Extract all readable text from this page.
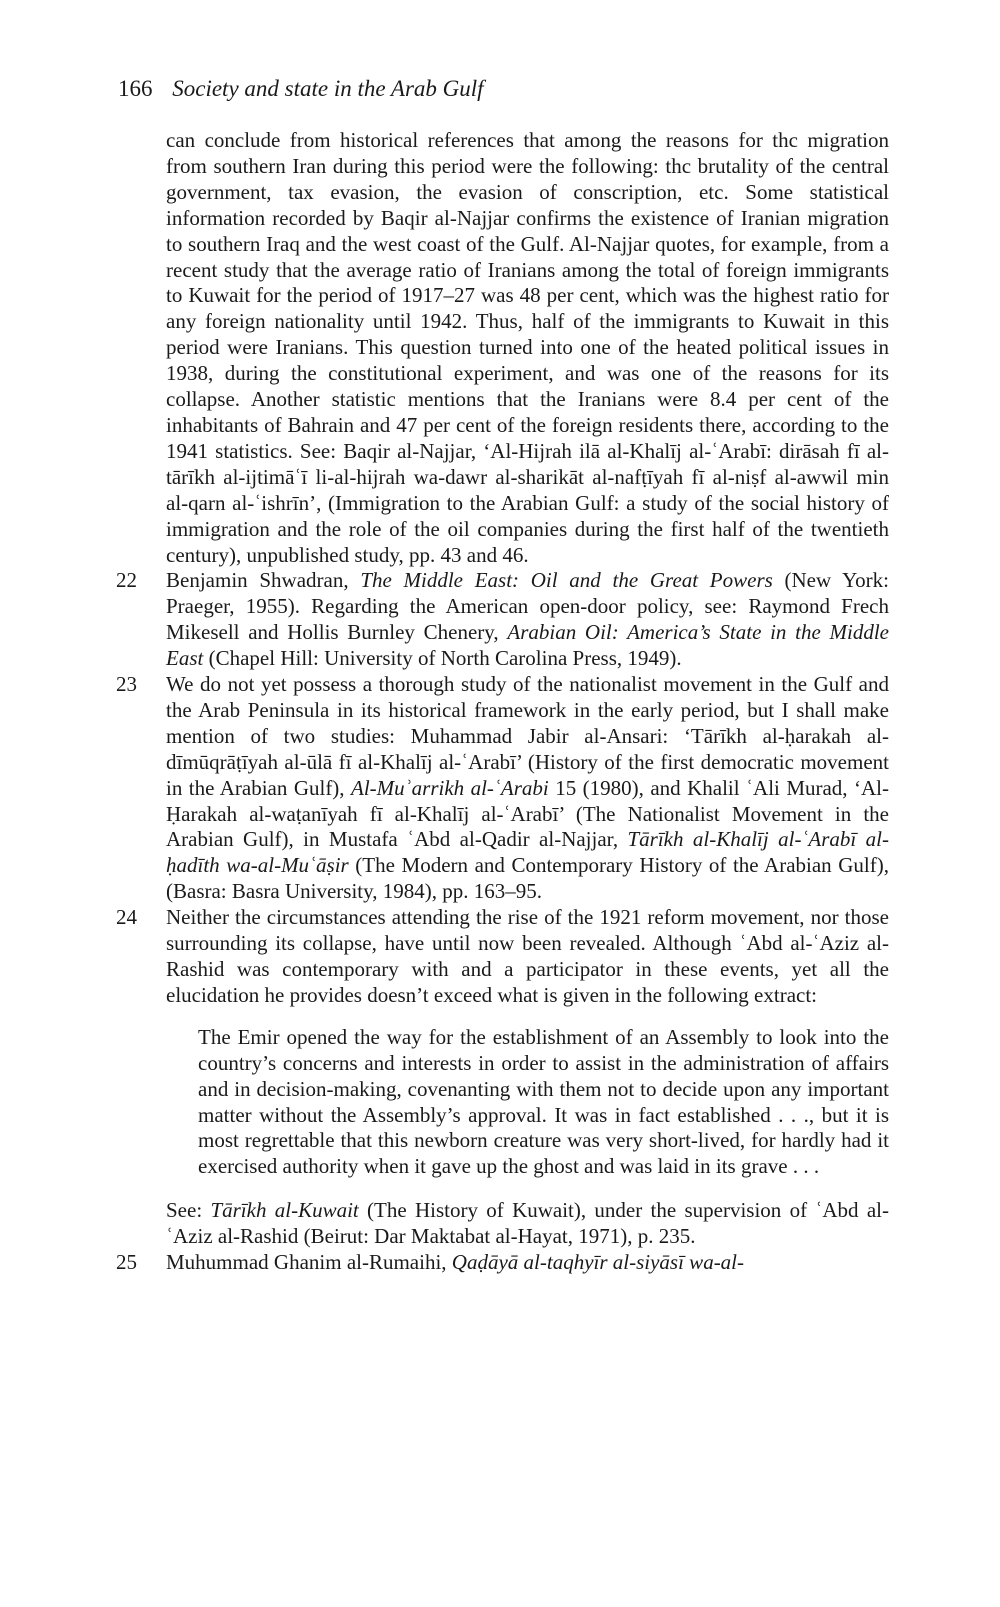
166 Society and state in the Arab Gulf
can conclude from historical references that among the reasons for thc migration from southern Iran during this period were the following: thc brutality of the central government, tax evasion, the evasion of conscription, etc. Some statistical information recorded by Baqir al-Najjar confirms the existence of Iranian migration to southern Iraq and the west coast of the Gulf. Al-Najjar quotes, for example, from a recent study that the average ratio of Iranians among the total of foreign immigrants to Kuwait for the period of 1917–27 was 48 per cent, which was the highest ratio for any foreign nationality until 1942. Thus, half of the immigrants to Kuwait in this period were Iranians. This question turned into one of the heated political issues in 1938, during the constitutional experiment, and was one of the reasons for its collapse. Another statistic mentions that the Iranians were 8.4 per cent of the inhabitants of Bahrain and 47 per cent of the foreign residents there, according to the 1941 statistics. See: Baqir al-Najjar, ‘Al-Hijrah ilā al-Khalīj al-ʿArabī: dirāsah fī al-tārīkh al-ijtimāʿī li-al-hijrah wa-dawr al-sharikāt al-nafṭīyah fī al-niṣf al-awwil min al-qarn al-ʿishrīn’, (Immigration to the Arabian Gulf: a study of the social history of immigration and the role of the oil companies during the first half of the twentieth century), unpublished study, pp. 43 and 46.
22 Benjamin Shwadran, The Middle East: Oil and the Great Powers (New York: Praeger, 1955). Regarding the American open-door policy, see: Raymond Frech Mikesell and Hollis Burnley Chenery, Arabian Oil: America’s State in the Middle East (Chapel Hill: University of North Carolina Press, 1949).
23 We do not yet possess a thorough study of the nationalist movement in the Gulf and the Arab Peninsula in its historical framework in the early period, but I shall make mention of two studies: Muhammad Jabir al-Ansari: ‘Tārīkh al-ḥarakah al-dīmūqrāṭīyah al-ūlā fī al-Khalīj al-ʿArabī’ (History of the first democratic movement in the Arabian Gulf), Al-Muʾarrikh al-ʿArabi 15 (1980), and Khalil ʿAli Murad, ‘Al-Ḥarakah al-waṭanīyah fī al-Khalīj al-ʿArabī’ (The Nationalist Movement in the Arabian Gulf), in Mustafa ʿAbd al-Qadir al-Najjar, Tārīkh al-Khalīj al-ʿArabī al-ḥadīth wa-al-Muʿāṣir (The Modern and Contemporary History of the Arabian Gulf), (Basra: Basra University, 1984), pp. 163–95.
24 Neither the circumstances attending the rise of the 1921 reform movement, nor those surrounding its collapse, have until now been revealed. Although ʿAbd al-ʿAziz al-Rashid was contemporary with and a participator in these events, yet all the elucidation he provides doesn’t exceed what is given in the following extract:
The Emir opened the way for the establishment of an Assembly to look into the country’s concerns and interests in order to assist in the administration of affairs and in decision-making, covenanting with them not to decide upon any important matter without the Assembly’s approval. It was in fact established . . ., but it is most regrettable that this newborn creature was very short-lived, for hardly had it exercised authority when it gave up the ghost and was laid in its grave . . .
See: Tārīkh al-Kuwait (The History of Kuwait), under the supervision of ʿAbd al-ʿAziz al-Rashid (Beirut: Dar Maktabat al-Hayat, 1971), p. 235.
25 Muhummad Ghanim al-Rumaihi, Qaḍāyā al-taqhyīr al-siyāsī wa-al-
